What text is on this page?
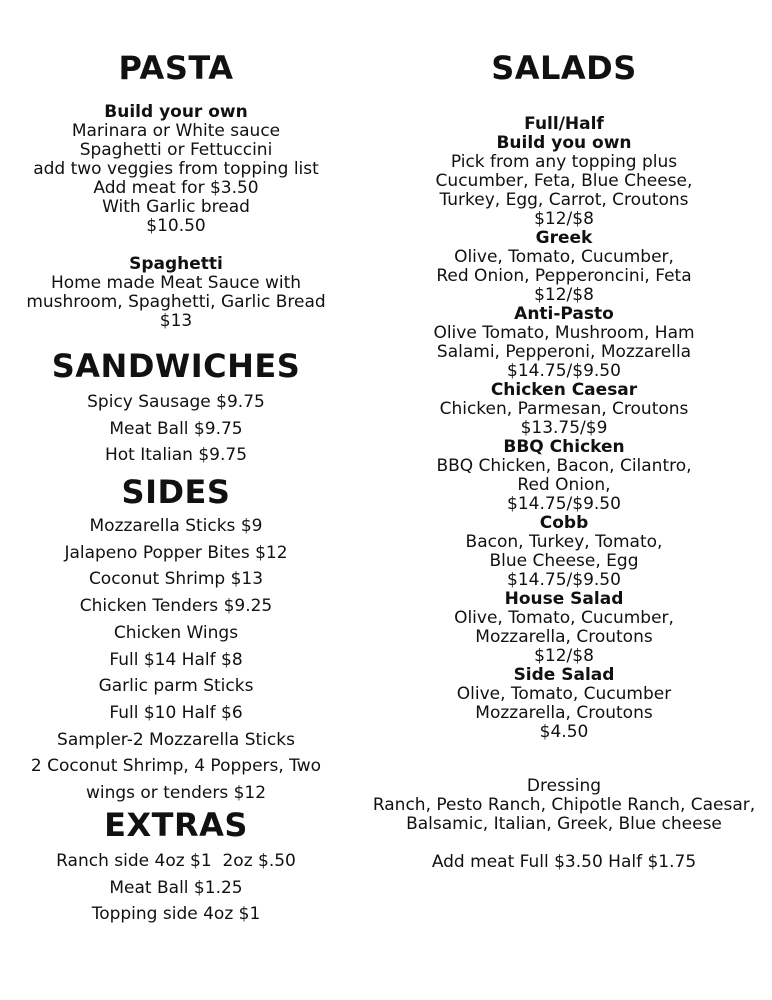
PASTA
Build your own
Marinara or White sauce
Spaghetti or Fettuccini
add two veggies from topping list
Add meat for $3.50
With Garlic bread
$10.50
Spaghetti
Home made Meat Sauce with
mushroom, Spaghetti, Garlic Bread
$13
SANDWICHES
Spicy Sausage $9.75
Meat Ball $9.75
Hot Italian $9.75
SIDES
Mozzarella Sticks $9
Jalapeno Popper Bites $12
Coconut Shrimp $13
Chicken Tenders $9.25
Chicken Wings
Full $14 Half $8
Garlic parm Sticks
Full $10 Half $6
Sampler-2 Mozzarella Sticks
2 Coconut Shrimp, 4 Poppers, Two
wings or tenders $12
EXTRAS
Ranch side 4oz $1  2oz $.50
Meat Ball $1.25
Topping side 4oz $1
SALADS
Full/Half
Build you own
Pick from any topping plus
Cucumber, Feta, Blue Cheese,
Turkey, Egg, Carrot, Croutons
$12/$8
Greek
Olive, Tomato, Cucumber,
Red Onion, Pepperoncini, Feta
$12/$8
Anti-Pasto
Olive Tomato, Mushroom, Ham
Salami, Pepperoni, Mozzarella
$14.75/$9.50
Chicken Caesar
Chicken, Parmesan, Croutons
$13.75/$9
BBQ Chicken
BBQ Chicken, Bacon, Cilantro,
Red Onion,
$14.75/$9.50
Cobb
Bacon, Turkey, Tomato,
Blue Cheese, Egg
$14.75/$9.50
House Salad
Olive, Tomato, Cucumber,
Mozzarella, Croutons
$12/$8
Side Salad
Olive, Tomato, Cucumber
Mozzarella, Croutons
$4.50
Dressing
Ranch, Pesto Ranch, Chipotle Ranch, Caesar,
Balsamic, Italian, Greek, Blue cheese
Add meat Full $3.50 Half $1.75
